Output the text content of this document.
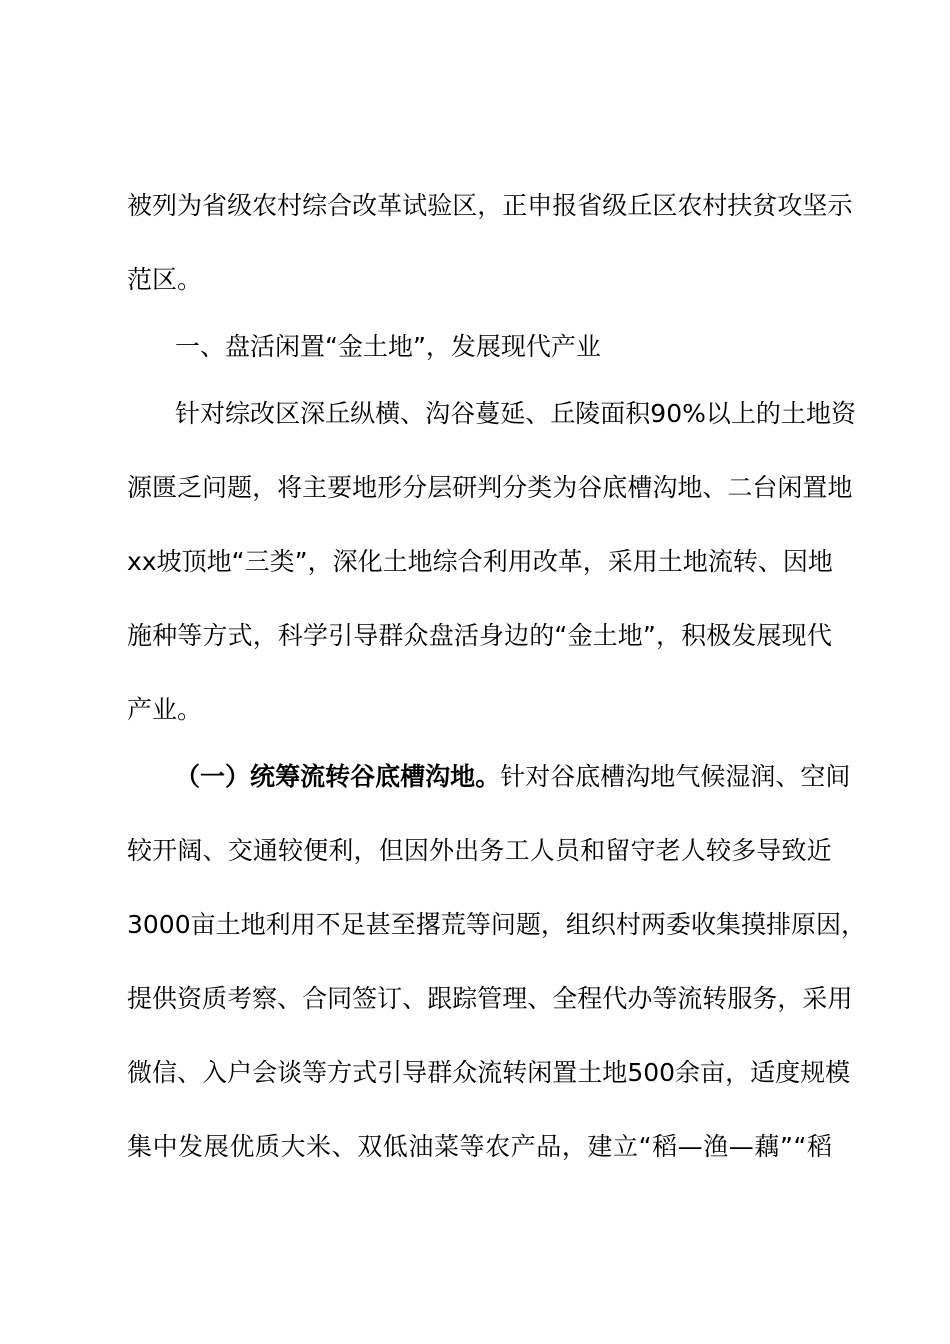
被 列 为 省 级 农 村 综 合 改 革 试 验 区 ， 正 申 报 省 级 丘 区 农 村 扶 贫 攻 坚 示
范区。
一、盘活闲置“金土地”，发展现代产业
针 对 综 改 区 深 丘 纵 横 、 沟 谷 蔓 延 、 丘 陵 面 积 90% 以 上 的 土 地 资
源 匮 乏 问 题 ， 将 主 要 地 形 分 层 研 判 分 类 为 谷 底 槽 沟 地 、 二 台 闲 置 地
xx 坡 顶 地 “ 三 类 ” ， 深 化 土 地 综 合 利 用 改 革 ， 采 用 土 地 流 转 、 因 地
施 种 等 方 式 ， 科 学 引 导 群 众 盘 活 身 边 的 “ 金 土 地 ” ， 积 极 发 展 现 代
产业。
（ 一 ） 统 筹 流 转 谷 底 槽 沟 地 。 针 对 谷 底 槽 沟 地 气 候 湿 润 、 空 间
较 开 阔 、 交 通 较 便 利 ， 但 因 外 出 务 工 人 员 和 留 守 老 人 较 多 导 致 近
3000 亩 土 地 利 用 不 足 甚 至 撂 荒 等 问 题 ， 组 织 村 两 委 收 集 摸 排 原 因 ，
提 供 资 质 考 察 、 合 同 签 订 、 跟 踪 管 理 、 全 程 代 办 等 流 转 服 务 ， 采 用
微 信 、 入 户 会 谈 等 方 式 引 导 群 众 流 转 闲 置 土 地 500 余 亩 ， 适 度 规 模
集 中 发 展 优 质 大 米 、 双 低 油 菜 等 农 产 品 ， 建 立 “ 稻 — 渔 — 藕 ” “ 稻
